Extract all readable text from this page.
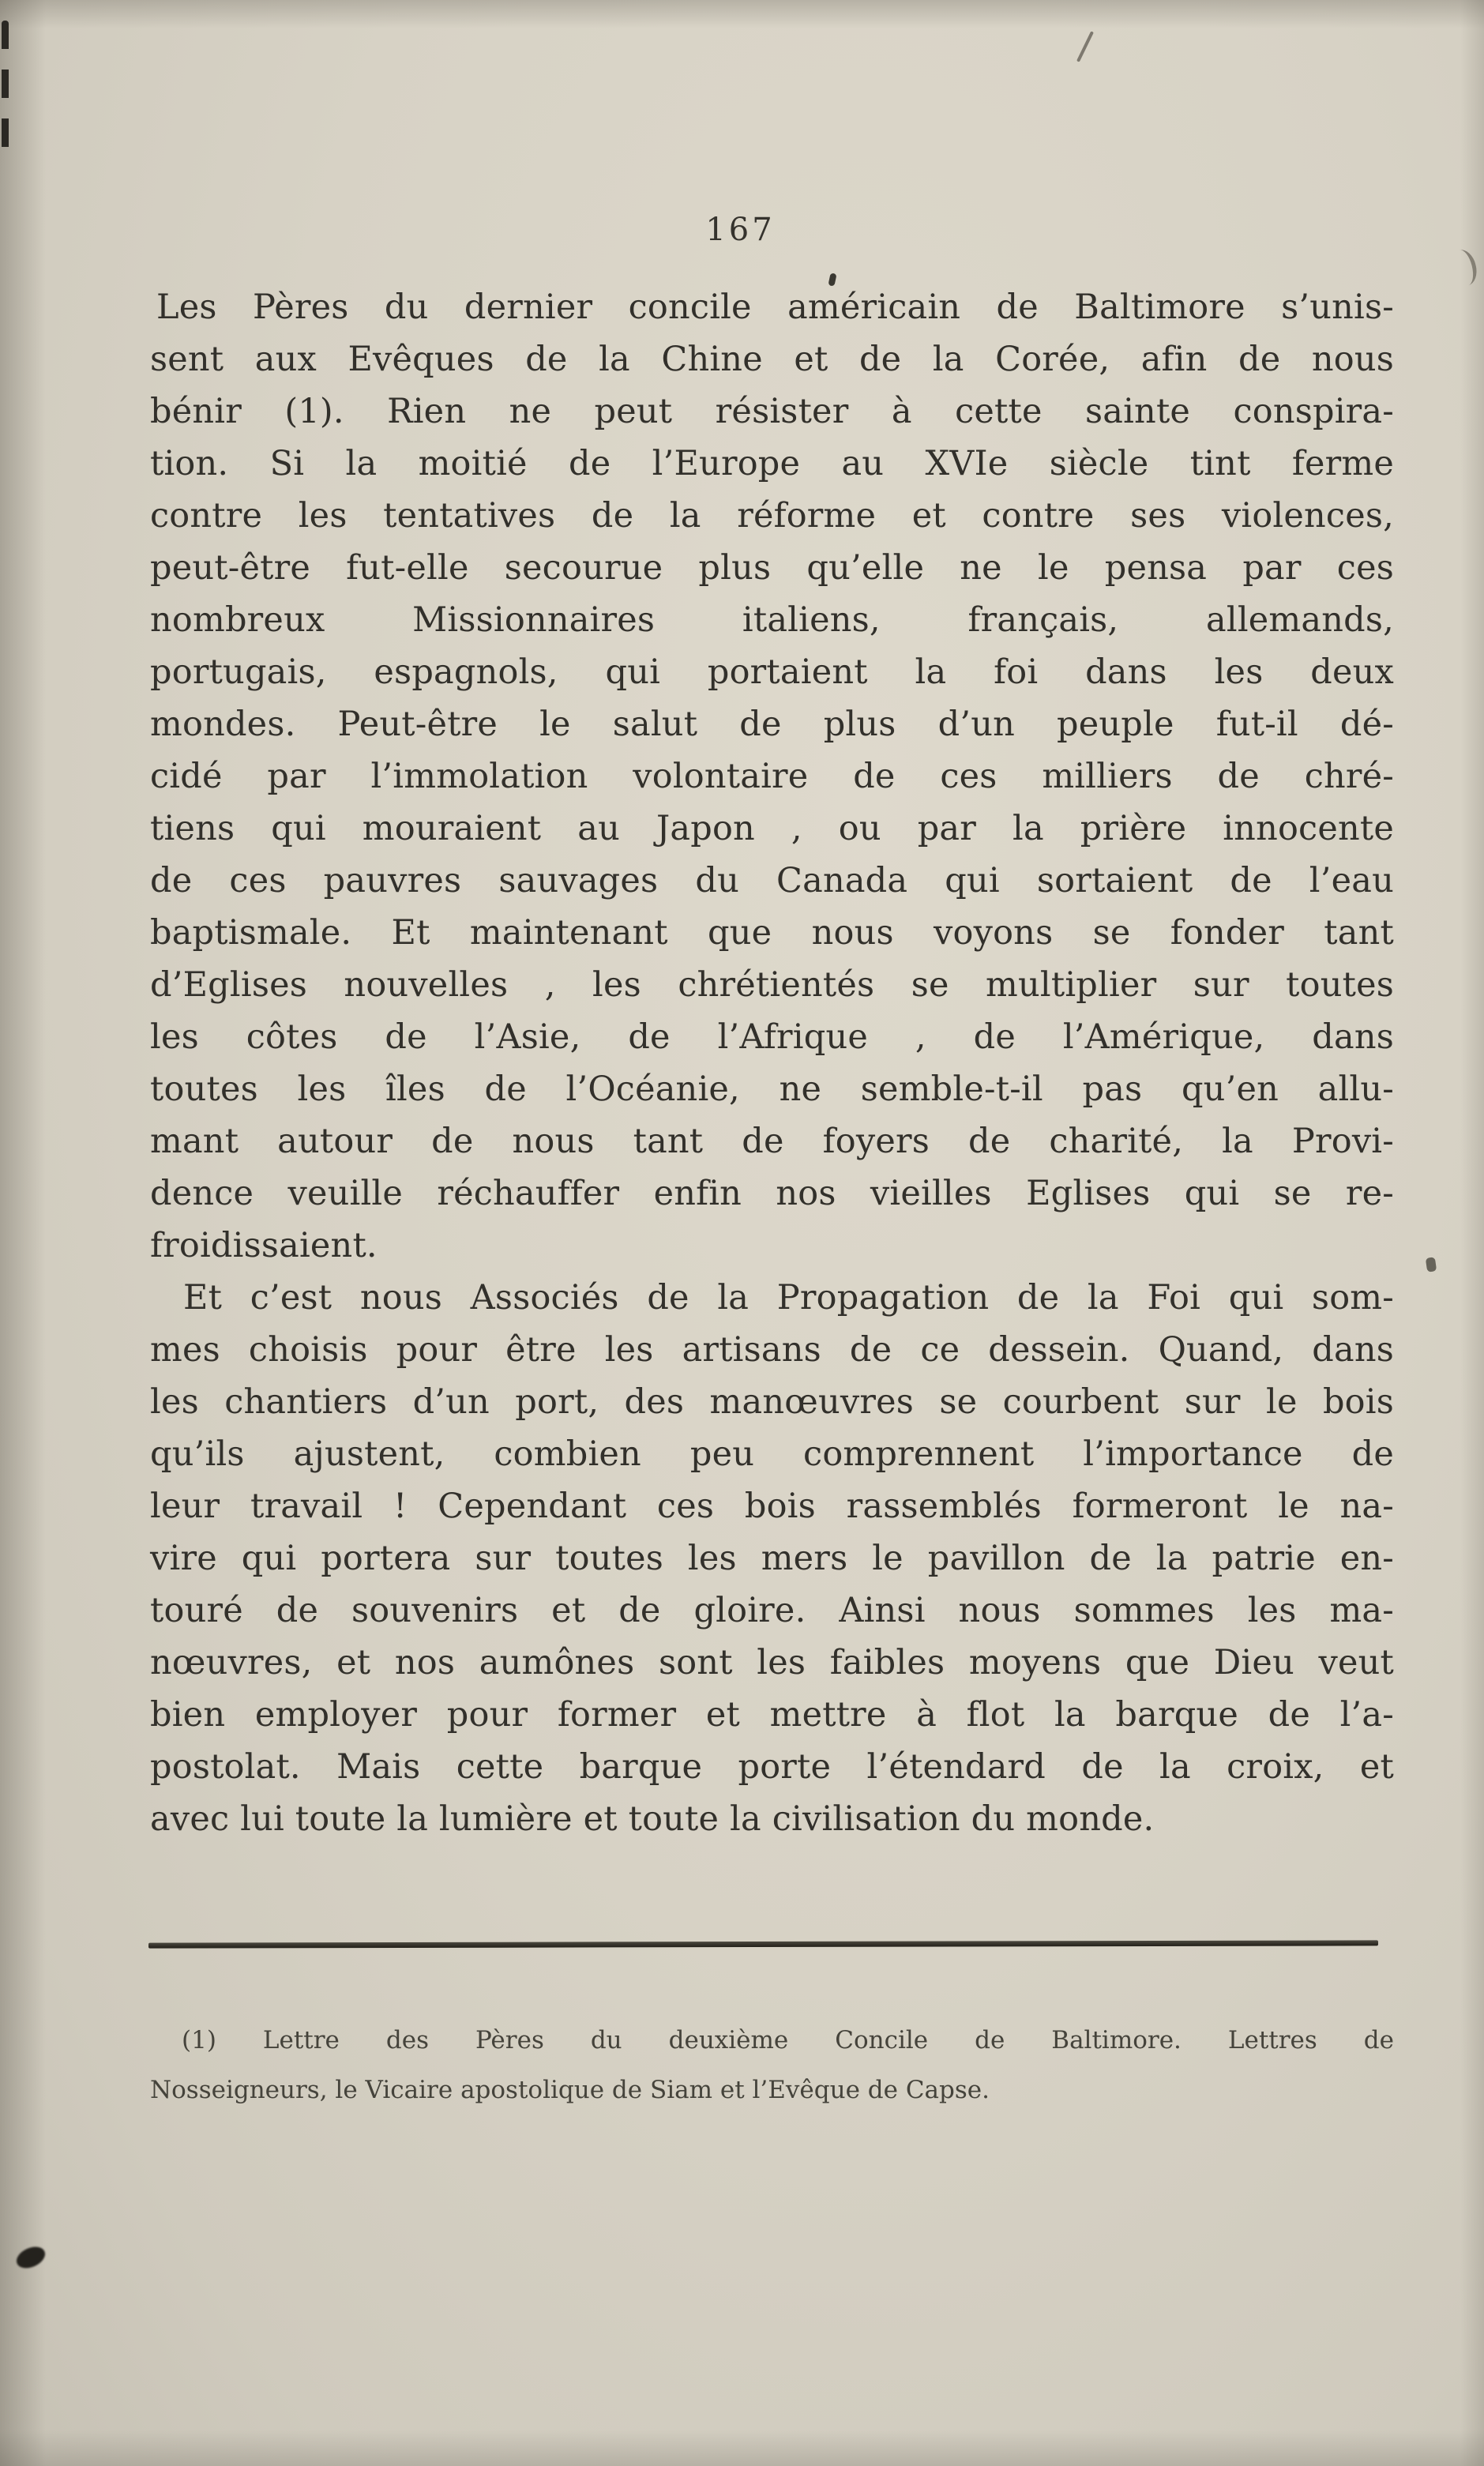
167
Les Pères du dernier concile américain de Baltimore s’unis-
sent aux Evêques de la Chine et de la Corée, afin de nous
bénir (1). Rien ne peut résister à cette sainte conspira-
tion. Si la moitié de l’Europe au XVIe siècle tint ferme
contre les tentatives de la réforme et contre ses violences,
peut-être fut-elle secourue plus qu’elle ne le pensa par ces
nombreux Missionnaires italiens, français, allemands,
portugais, espagnols, qui portaient la foi dans les deux
mondes. Peut-être le salut de plus d’un peuple fut-il dé-
cidé par l’immolation volontaire de ces milliers de chré-
tiens qui mouraient au Japon , ou par la prière innocente
de ces pauvres sauvages du Canada qui sortaient de l’eau
baptismale. Et maintenant que nous voyons se fonder tant
d’Eglises nouvelles , les chrétientés se multiplier sur toutes
les côtes de l’Asie, de l’Afrique , de l’Amérique, dans
toutes les îles de l’Océanie, ne semble-t-il pas qu’en allu-
mant autour de nous tant de foyers de charité, la Provi-
dence veuille réchauffer enfin nos vieilles Eglises qui se re-
froidissaient.
Et c’est nous Associés de la Propagation de la Foi qui som-
mes choisis pour être les artisans de ce dessein. Quand, dans
les chantiers d’un port, des manœuvres se courbent sur le bois
qu’ils ajustent, combien peu comprennent l’importance de
leur travail ! Cependant ces bois rassemblés formeront le na-
vire qui portera sur toutes les mers le pavillon de la patrie en-
touré de souvenirs et de gloire. Ainsi nous sommes les ma-
nœuvres, et nos aumônes sont les faibles moyens que Dieu veut
bien employer pour former et mettre à flot la barque de l’a-
postolat. Mais cette barque porte l’étendard de la croix, et
avec lui toute la lumière et toute la civilisation du monde.
(1) Lettre des Pères du deuxième Concile de Baltimore. Lettres de
Nosseigneurs, le Vicaire apostolique de Siam et l’Evêque de Capse.
